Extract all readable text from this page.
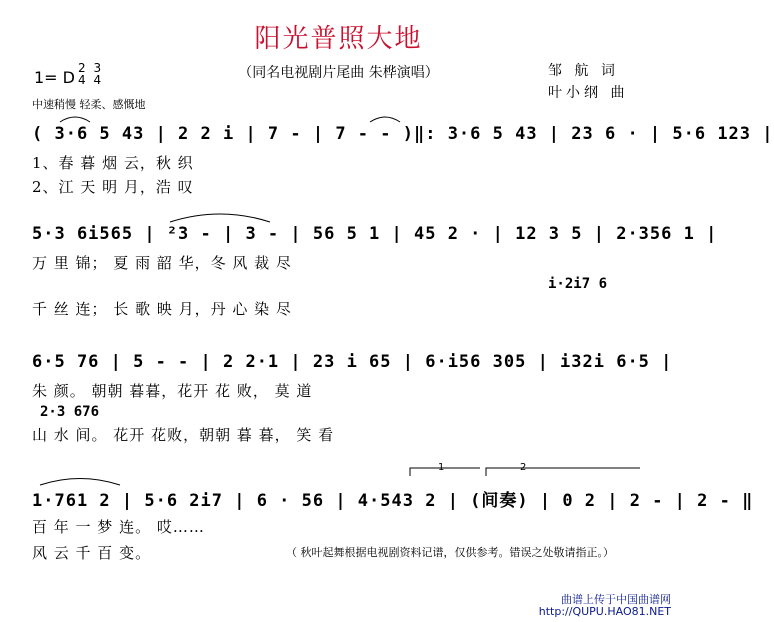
阳光普照大地
（同名电视剧片尾曲 朱桦演唱）	邹 航 词
叶小纲 曲
1= D 2
4

3
4
中速稍慢 轻柔、感慨地
( 3·6 5 43 | 2 2 i | 7 - | 7 - - )‖: 3·6 5 43 | 23 6 · | 5·6 123 |
1、春 暮 烟 云，秋 织
2、江 天 明 月，浩 叹
5·3 6i565 | ²3 - | 3 - | 56 5 1 | 45 2 · | 12 3 5 | 2·356 1 |
万 里 锦； 夏 雨 韶 华，冬 风 裁 尽
i·2i7 6
千 丝 连； 长 歌 映 月，丹 心 染 尽
6·5 76 | 5 - - | 2 2·1 | 23 i 65 | 6·i56 305 | i32i 6·5 |
朱 颜。 朝朝 暮暮，花开 花 败， 莫 道
2·3 676
山 水 间。 花开 花败，朝朝 暮 暮， 笑 看
1	2
1·761 2 | 5·6 2i7 | 6 · 56 | 4·543 2 | (间奏) | 0 2 | 2 - | 2 - ‖
百 年 一 梦 连。 哎……
风 云 千 百 变。	（ 秋叶起舞根据电视剧资料记谱，仅供参考。错误之处敬请指正。）
曲谱上传于中国曲谱网
http://QUPU.HAO81.NET
